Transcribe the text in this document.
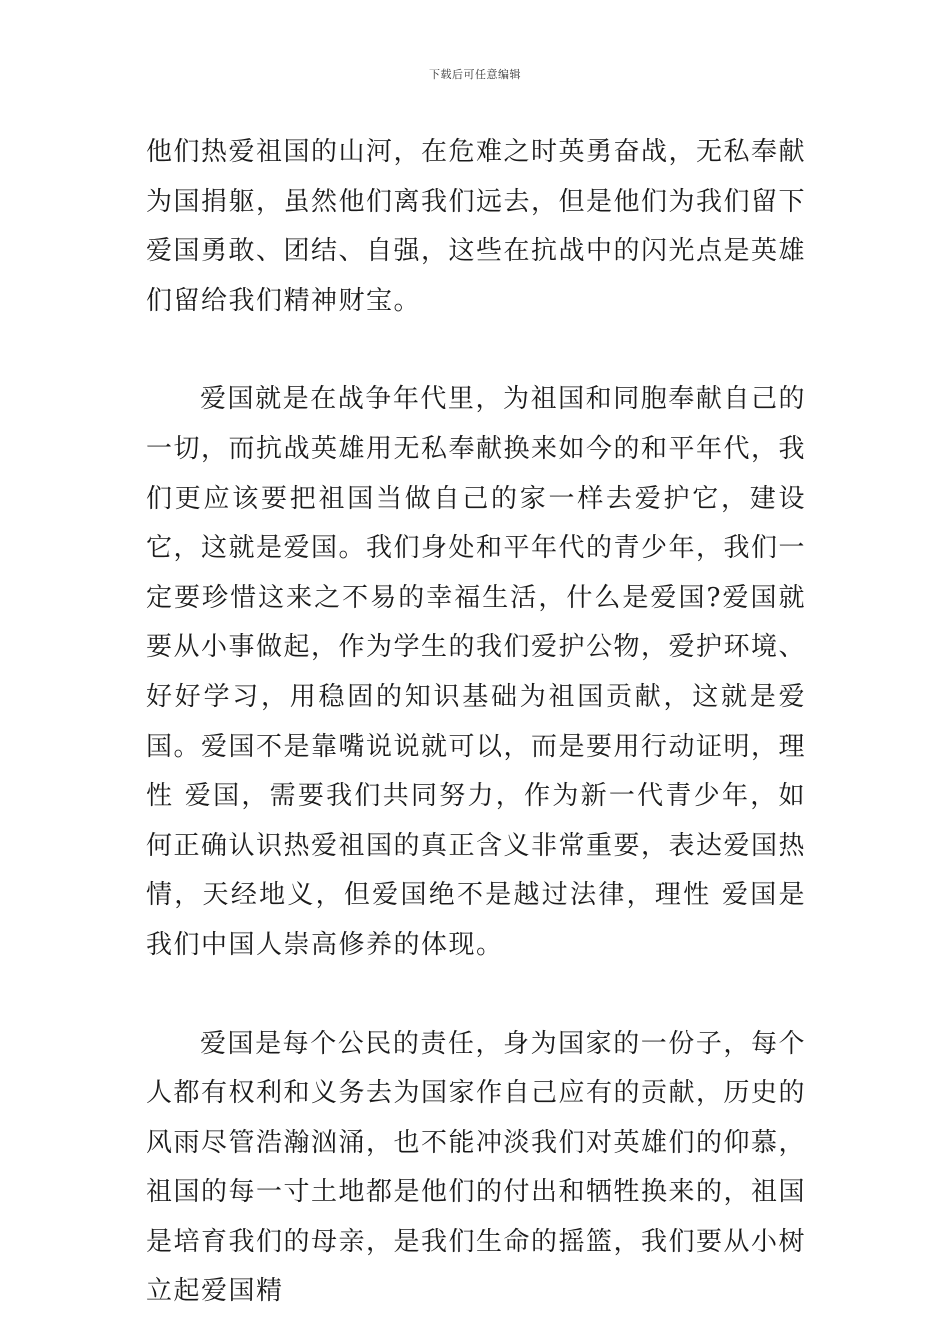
下载后可任意编辑

他们热爱祖国的山河，在危难之时英勇奋战，无私奉献为国捐躯，虽然他们离我们远去，但是他们为我们留下爱国勇敢、团结、自强，这些在抗战中的闪光点是英雄们留给我们精神财宝。

爱国就是在战争年代里，为祖国和同胞奉献自己的一切，而抗战英雄用无私奉献换来如今的和平年代，我们更应该要把祖国当做自己的家一样去爱护它，建设它，这就是爱国。我们身处和平年代的青少年，我们一定要珍惜这来之不易的幸福生活，什么是爱国?爱国就要从小事做起，作为学生的我们爱护公物，爱护环境、好好学习，用稳固的知识基础为祖国贡献，这就是爱国。爱国不是靠嘴说说就可以，而是要用行动证明，理性 爱国，需要我们共同努力，作为新一代青少年，如何正确认识热爱祖国的真正含义非常重要，表达爱国热情，天经地义，但爱国绝不是越过法律，理性 爱国是我们中国人崇高修养的体现。

爱国是每个公民的责任，身为国家的一份子，每个人都有权利和义务去为国家作自己应有的贡献，历史的风雨尽管浩瀚汹涌，也不能冲淡我们对英雄们的仰慕，祖国的每一寸土地都是他们的付出和牺牲换来的，祖国是培育我们的母亲，是我们生命的摇篮，我们要从小树立起爱国精
